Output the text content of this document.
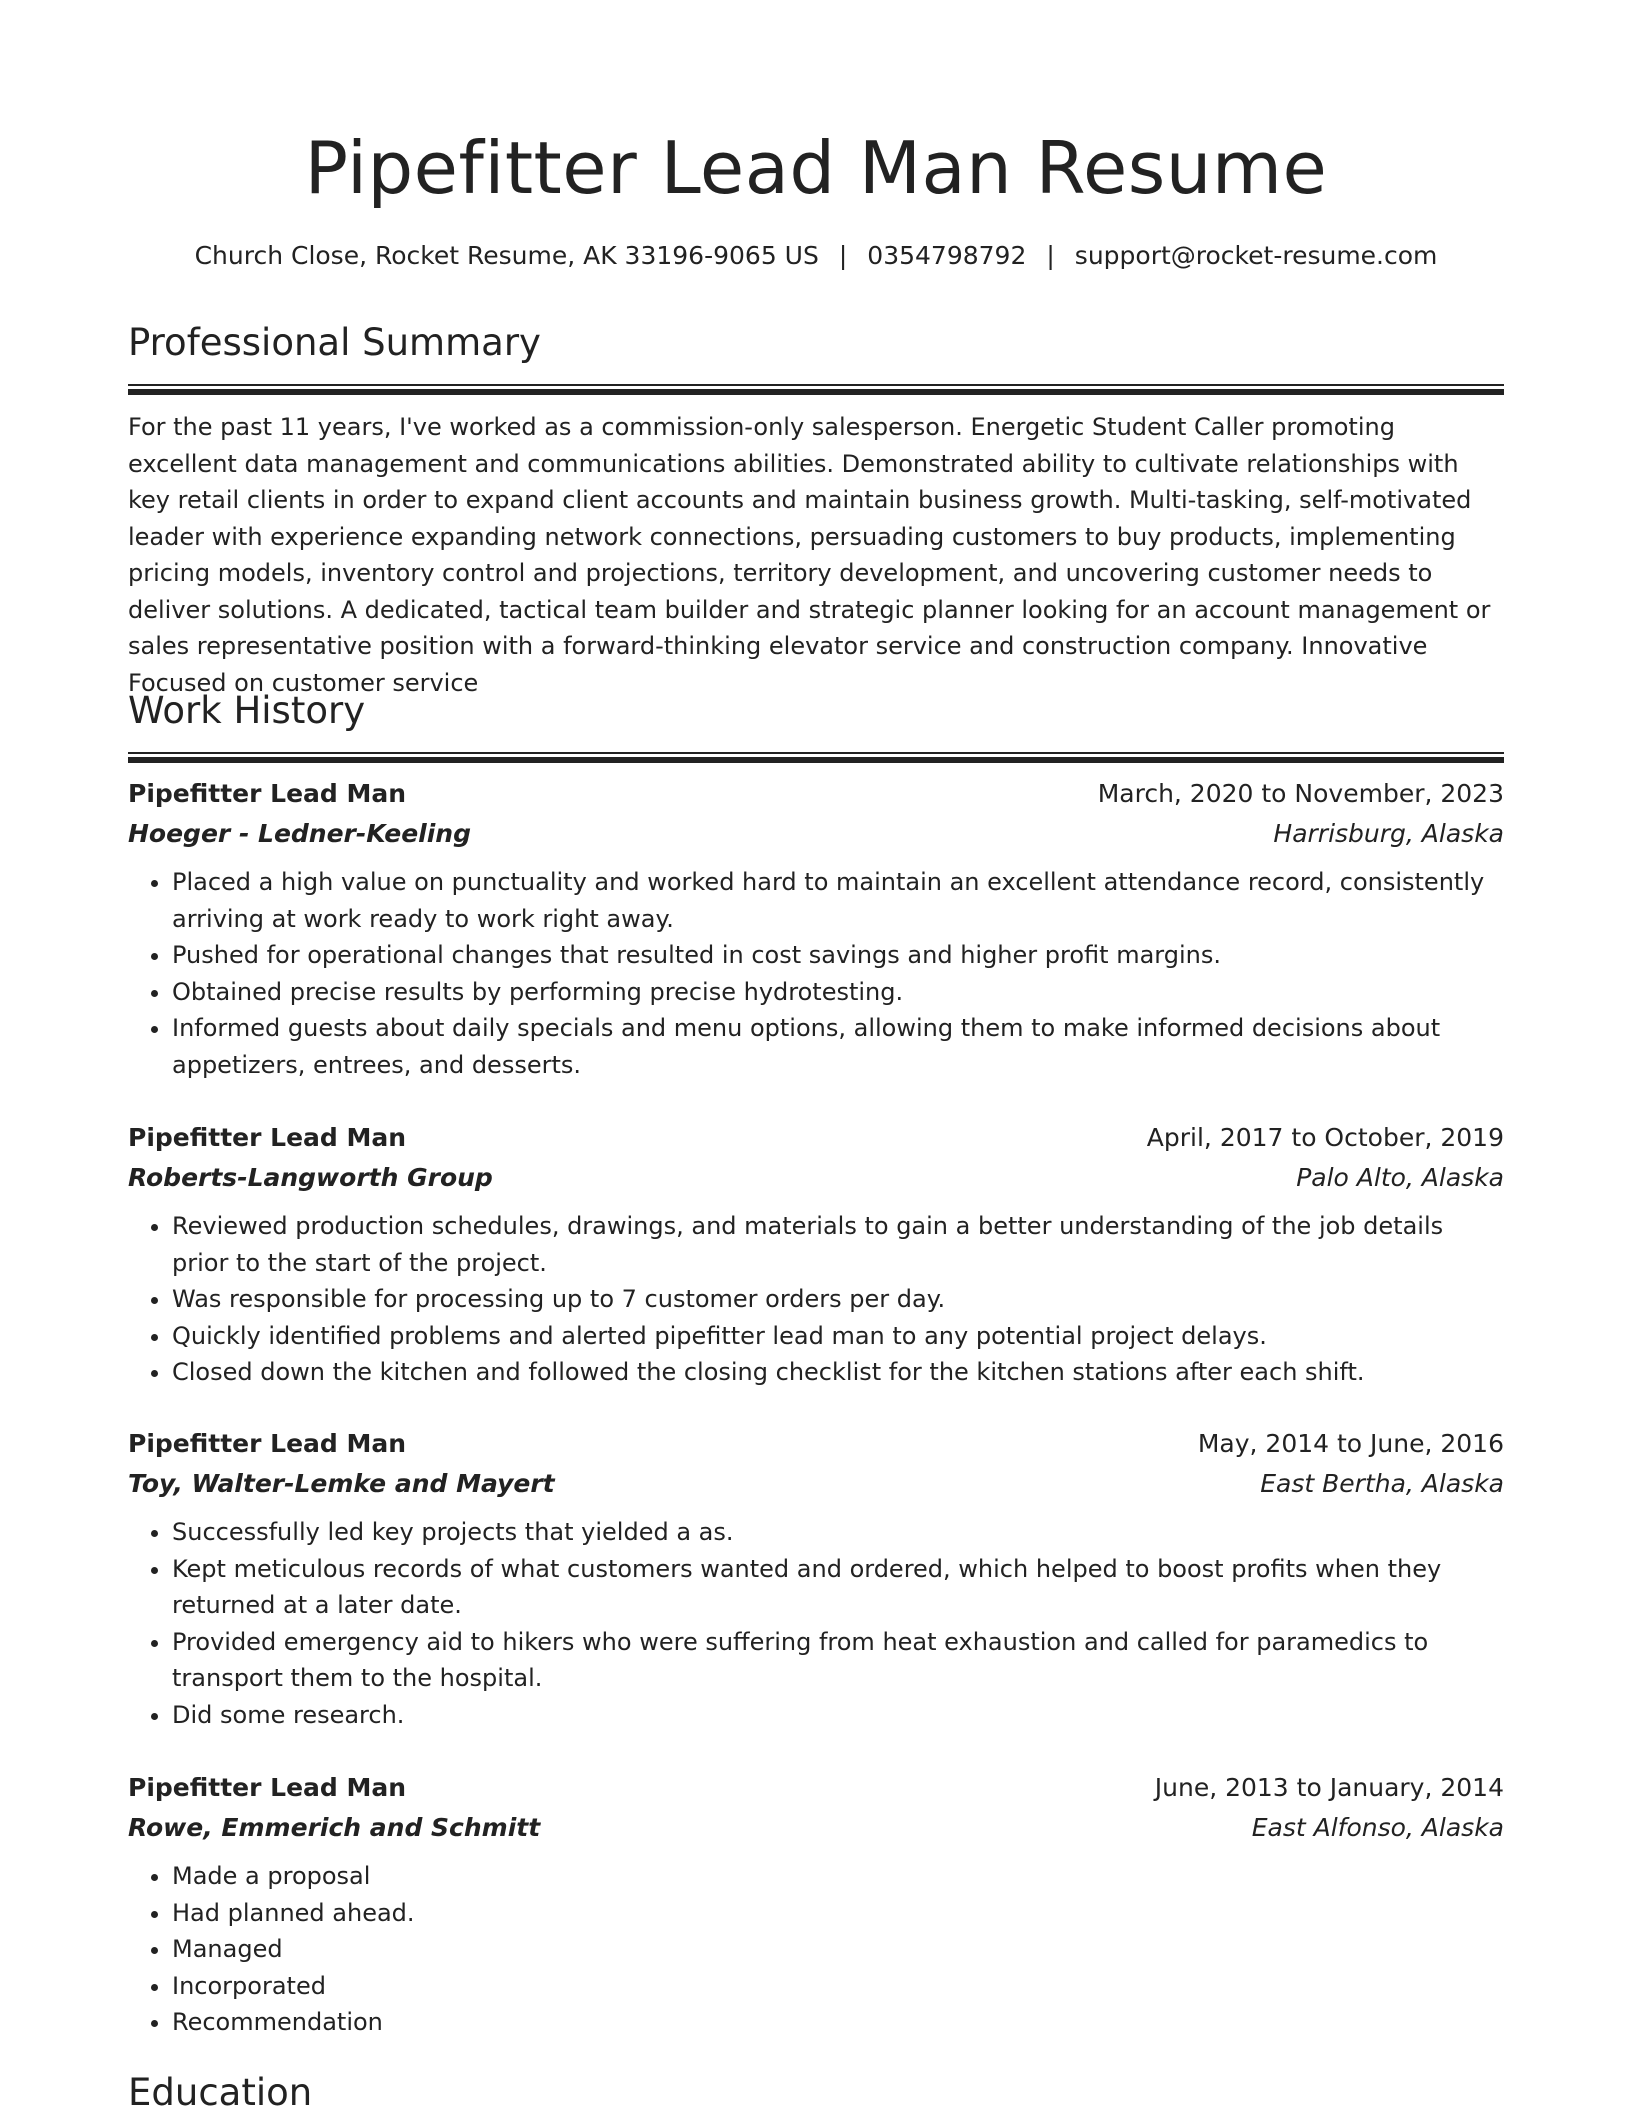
Pipefitter Lead Man Resume
Church Close, Rocket Resume, AK 33196-9065 US | 0354798792 | support@rocket-resume.com
Professional Summary
For the past 11 years, I've worked as a commission-only salesperson. Energetic Student Caller promoting excellent data management and communications abilities. Demonstrated ability to cultivate relationships with key retail clients in order to expand client accounts and maintain business growth. Multi-tasking, self-motivated leader with experience expanding network connections, persuading customers to buy products, implementing pricing models, inventory control and projections, territory development, and uncovering customer needs to deliver solutions. A dedicated, tactical team builder and strategic planner looking for an account management or sales representative position with a forward-thinking elevator service and construction company. Innovative Focused on customer service
Work History
Pipefitter Lead Man	March, 2020 to November, 2023
Hoeger - Ledner-Keeling	Harrisburg, Alaska
• Placed a high value on punctuality and worked hard to maintain an excellent attendance record, consistently arriving at work ready to work right away.
• Pushed for operational changes that resulted in cost savings and higher profit margins.
• Obtained precise results by performing precise hydrotesting.
• Informed guests about daily specials and menu options, allowing them to make informed decisions about appetizers, entrees, and desserts.
Pipefitter Lead Man	April, 2017 to October, 2019
Roberts-Langworth Group	Palo Alto, Alaska
• Reviewed production schedules, drawings, and materials to gain a better understanding of the job details prior to the start of the project.
• Was responsible for processing up to 7 customer orders per day.
• Quickly identified problems and alerted pipefitter lead man to any potential project delays.
• Closed down the kitchen and followed the closing checklist for the kitchen stations after each shift.
Pipefitter Lead Man	May, 2014 to June, 2016
Toy, Walter-Lemke and Mayert	East Bertha, Alaska
• Successfully led key projects that yielded a as.
• Kept meticulous records of what customers wanted and ordered, which helped to boost profits when they returned at a later date.
• Provided emergency aid to hikers who were suffering from heat exhaustion and called for paramedics to transport them to the hospital.
• Did some research.
Pipefitter Lead Man	June, 2013 to January, 2014
Rowe, Emmerich and Schmitt	East Alfonso, Alaska
• Made a proposal
• Had planned ahead.
• Managed
• Incorporated
• Recommendation
Education
